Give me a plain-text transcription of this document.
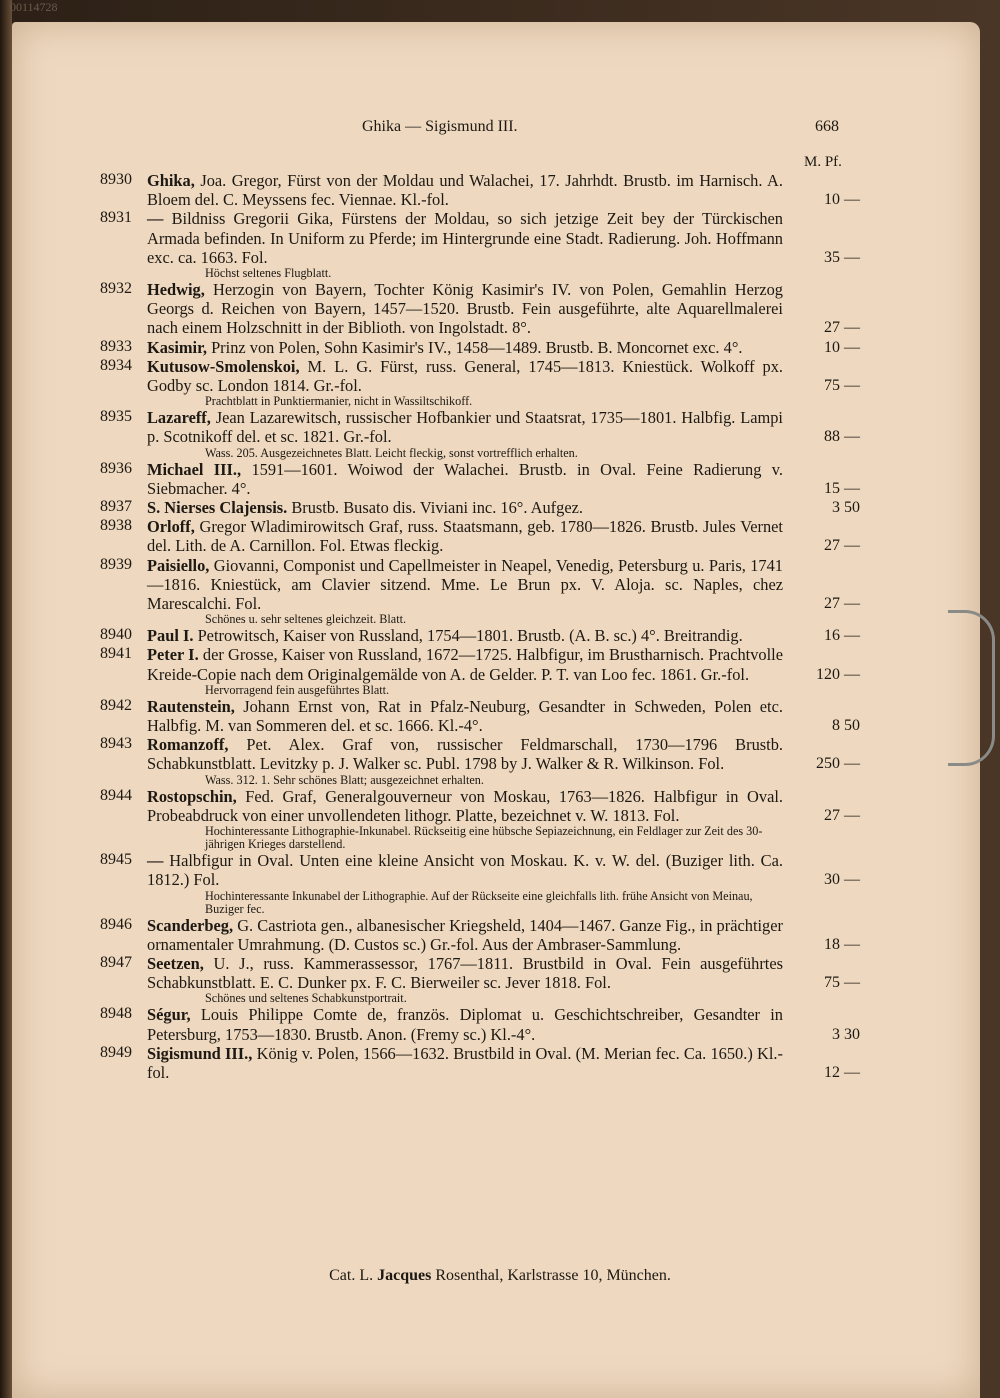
00114728
Ghika — Sigismund III.	668
M. Pf.
8930 Ghika, Joa. Gregor, Fürst von der Moldau und Walachei, 17. Jahrhdt. Brustb. im Harnisch. A. Bloem del. C. Meyssens fec. Viennae. Kl.-fol.	10 —
8931 — Bildniss Gregorii Gika, Fürstens der Moldau, so sich jetzige Zeit bey der Türckischen Armada befinden. In Uniform zu Pferde; im Hintergrunde eine Stadt. Radierung. Joh. Hoffmann exc. ca. 1663. Fol.	35 —
Höchst seltenes Flugblatt.
8932 Hedwig, Herzogin von Bayern, Tochter König Kasimir's IV. von Polen, Gemahlin Herzog Georgs d. Reichen von Bayern, 1457—1520. Brustb. Fein ausgeführte, alte Aquarellmalerei nach einem Holzschnitt in der Biblioth. von Ingolstadt. 8°.	27 —
8933 Kasimir, Prinz von Polen, Sohn Kasimir's IV., 1458—1489. Brustb. B. Moncornet exc. 4°.	10 —
8934 Kutusow-Smolenskoi, M. L. G. Fürst, russ. General, 1745—1813. Kniestück. Wolkoff px. Godby sc. London 1814. Gr.-fol.	75 —
Prachtblatt in Punktiermanier, nicht in Wassiltschikoff.
8935 Lazareff, Jean Lazarewitsch, russischer Hofbankier und Staatsrat, 1735—1801. Halbfig. Lampi p. Scotnikoff del. et sc. 1821. Gr.-fol.	88 —
Wass. 205. Ausgezeichnetes Blatt. Leicht fleckig, sonst vortrefflich erhalten.
8936 Michael III., 1591—1601. Woiwod der Walachei. Brustb. in Oval. Feine Radierung v. Siebmacher. 4°.	15 —
8937 S. Nierses Clajensis. Brustb. Busato dis. Viviani inc. 16°. Aufgez.	3 50
8938 Orloff, Gregor Wladimirowitsch Graf, russ. Staatsmann, geb. 1780—1826. Brustb. Jules Vernet del. Lith. de A. Carnillon. Fol. Etwas fleckig.	27 —
8939 Paisiello, Giovanni, Componist und Capellmeister in Neapel, Venedig, Petersburg u. Paris, 1741—1816. Kniestück, am Clavier sitzend. Mme. Le Brun px. V. Aloja. sc. Naples, chez Marescalchi. Fol.	27 —
Schönes u. sehr seltenes gleichzeit. Blatt.
8940 Paul I. Petrowitsch, Kaiser von Russland, 1754—1801. Brustb. (A. B. sc.) 4°. Breitrandig.	16 —
8941 Peter I. der Grosse, Kaiser von Russland, 1672—1725. Halbfigur, im Brustharnisch. Prachtvolle Kreide-Copie nach dem Originalgemälde von A. de Gelder. P. T. van Loo fec. 1861. Gr.-fol.	120 —
Hervorragend fein ausgeführtes Blatt.
8942 Rautenstein, Johann Ernst von, Rat in Pfalz-Neuburg, Gesandter in Schweden, Polen etc. Halbfig. M. van Sommeren del. et sc. 1666. Kl.-4°.	8 50
8943 Romanzoff, Pet. Alex. Graf von, russischer Feldmarschall, 1730—1796 Brustb. Schabkunstblatt. Levitzky p. J. Walker sc. Publ. 1798 by J. Walker & R. Wilkinson. Fol.	250 —
Wass. 312. 1. Sehr schönes Blatt; ausgezeichnet erhalten.
8944 Rostopschin, Fed. Graf, Generalgouverneur von Moskau, 1763—1826. Halbfigur in Oval. Probeabdruck von einer unvollendeten lithogr. Platte, bezeichnet v. W. 1813. Fol.	27 —
Hochinteressante Lithographie-Inkunabel. Rückseitig eine hübsche Sepiazeichnung, ein Feldlager zur Zeit des 30-jährigen Krieges darstellend.
8945 — Halbfigur in Oval. Unten eine kleine Ansicht von Moskau. K. v. W. del. (Buziger lith. Ca. 1812.) Fol.	30 —
Hochinteressante Inkunabel der Lithographie. Auf der Rückseite eine gleichfalls lith. frühe Ansicht von Meinau, Buziger fec.
8946 Scanderbeg, G. Castriota gen., albanesischer Kriegsheld, 1404—1467. Ganze Fig., in prächtiger ornamentaler Umrahmung. (D. Custos sc.) Gr.-fol. Aus der Ambraser-Sammlung.	18 —
8947 Seetzen, U. J., russ. Kammerassessor, 1767—1811. Brustbild in Oval. Fein ausgeführtes Schabkunstblatt. E. C. Dunker px. F. C. Bierweiler sc. Jever 1818. Fol.	75 —
Schönes und seltenes Schabkunstportrait.
8948 Ségur, Louis Philippe Comte de, französ. Diplomat u. Geschichtschreiber, Gesandter in Petersburg, 1753—1830. Brustb. Anon. (Fremy sc.) Kl.-4°.	3 30
8949 Sigismund III., König v. Polen, 1566—1632. Brustbild in Oval. (M. Merian fec. Ca. 1650.) Kl.-fol.	12 —
Cat. L. Jacques Rosenthal, Karlstrasse 10, München.
